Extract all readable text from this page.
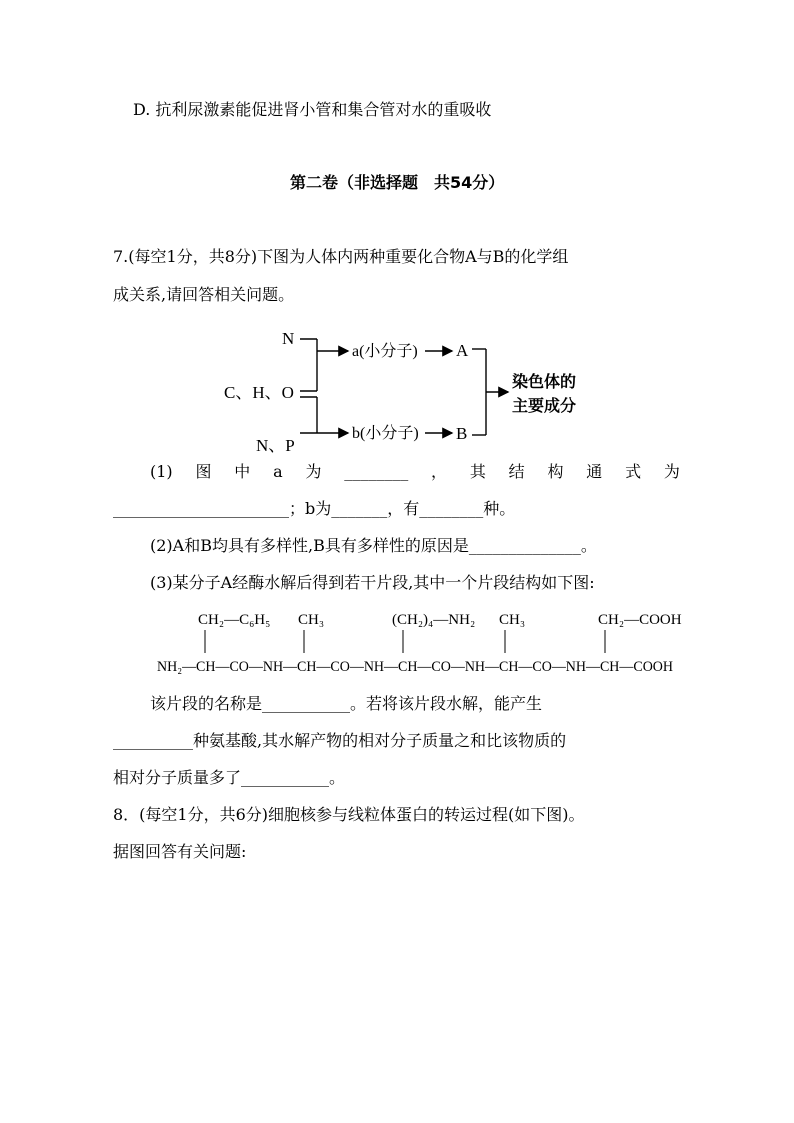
D. 抗利尿激素能促进肾小管和集合管对水的重吸收
第二卷（非选择题　共54分）
7.(每空1分，共8分)下图为人体内两种重要化合物A与B的化学组
成关系,请回答相关问题。
N
C、H、O
N、P
a(小分子) A
b(小分子) B
染色体的
主要成分
(1) 图 中 a 为 ________ ， 其 结 构 通 式 为
______________________；b为_______，有________种。
(2)A和B均具有多样性,B具有多样性的原因是______________。
(3)某分子A经酶水解后得到若干片段,其中一个片段结构如下图:
CH₂—C₆H₅ CH₃	(CH₂)₄—NH₂ CH₃	CH₂—COOH
NH₂—CH—CO—NH—CH—CO—NH—CH—CO—NH—CH—CO—NH—CH—COOH
该片段的名称是___________。若将该片段水解，能产生
__________种氨基酸,其水解产物的相对分子质量之和比该物质的
相对分子质量多了___________。
8．(每空1分，共6分)细胞核参与线粒体蛋白的转运过程(如下图)。
据图回答有关问题:
